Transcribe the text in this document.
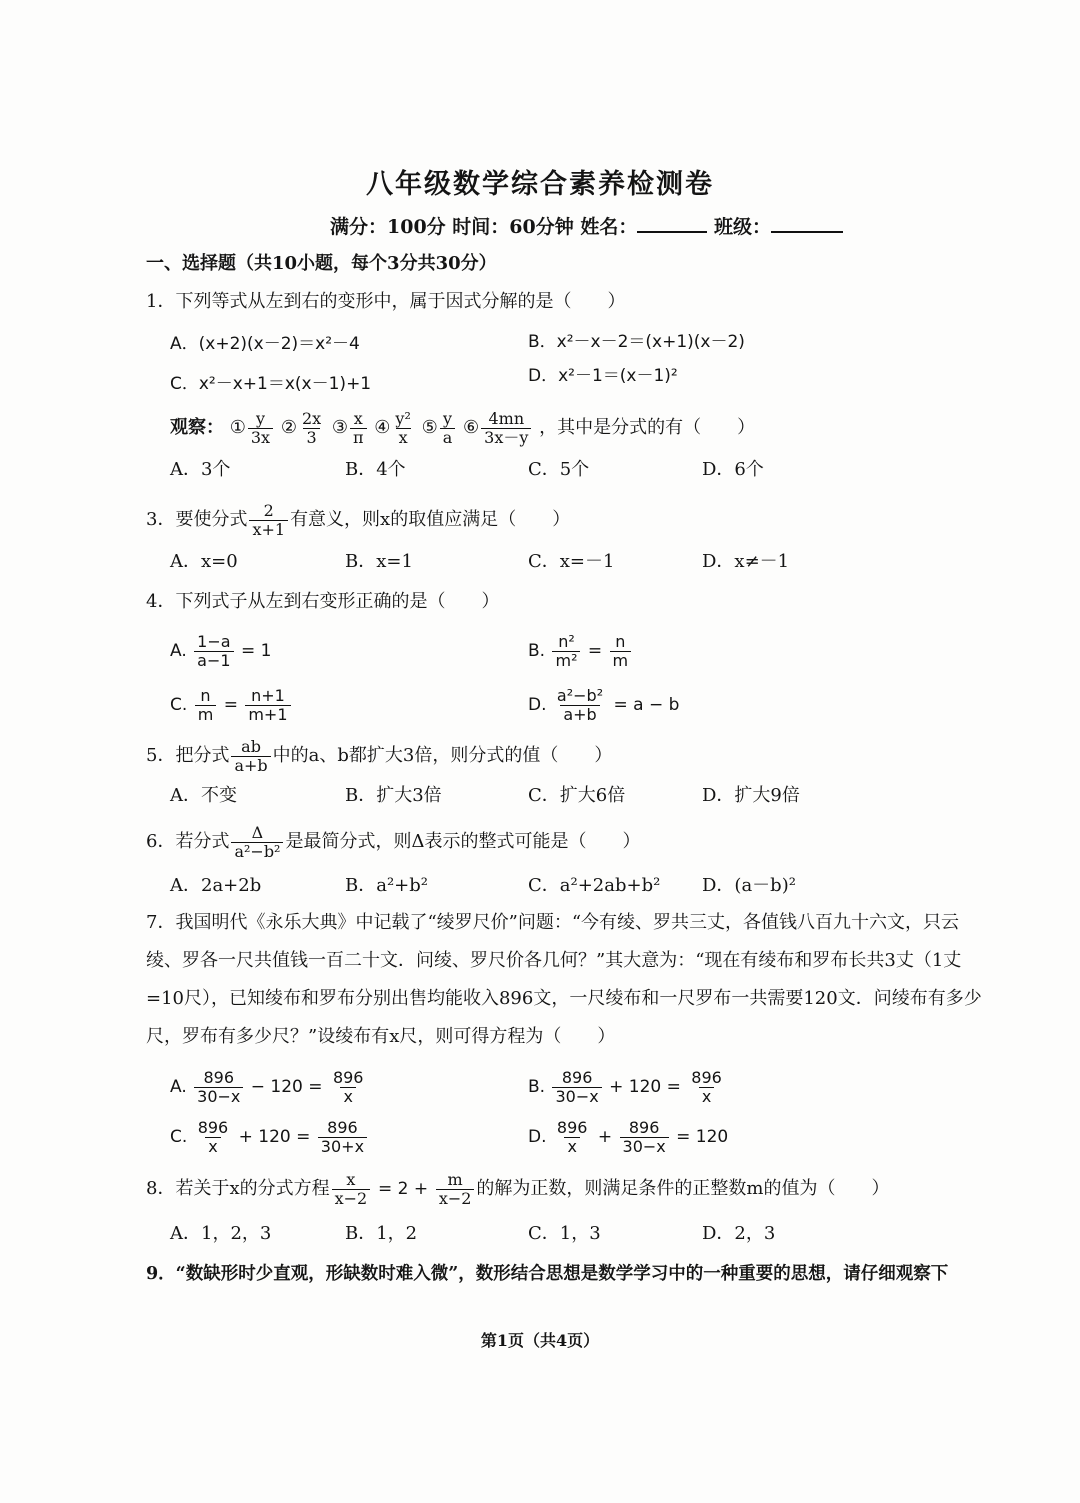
八年级数学综合素养检测卷
满分：100分 时间：60分钟 姓名：	班级：
一、选择题（共10小题，每个3分共30分）
1．下列等式从左到右的变形中，属于因式分解的是（　　）
A．(x+2)(x－2)＝x²－4	B．x²－x－2＝(x+1)(x－2)
C．x²－x+1＝x(x－1)+1	D．x²－1＝(x－1)²
观察： ① $\frac{y}{3x}$ ② $\frac{2x}{3}$ ③ $\frac{x}{\pi}$ ④ $\frac{\text{y²}}{x}$ ⑤ $\frac{y}{a}$ ⑥ $\frac{4mn}{3x-y}$ ，其中是分式的有（　　）
A．3个	B．4个	C．5个	D．6个
3．要使分式 $\frac{2}{x+1}$ 有意义，则x的取值应满足（　　）
A．x=0	B．x=1	C．x=－1	D．x≠－1
4．下列式子从左到右变形正确的是（　　）
A. $\frac{1-a}{a-1} = 1$	B. $\frac{\text{n²}}{\text{m²}} = \frac{n}{m}$
C. $\frac{n}{m} = \frac{n+1}{m+1}$	D. $\frac{\text{a²−b²}}{a+b} = a - b$
5．把分式 $\frac{ab}{a+b}$ 中的a、b都扩大3倍，则分式的值（　　）
A．不变	B．扩大3倍	C．扩大6倍	D．扩大9倍
6．若分式 $\frac{\Delta}{\text{a²−b²}}$ 是最简分式，则Δ表示的整式可能是（　　）
A．2a+2b	B．a²+b²	C．a²+2ab+b² D．(a－b)²
7．我国明代《永乐大典》中记载了“绫罗尺价”问题：“今有绫、罗共三丈，各值钱八百九十六文，只云绫、罗各一尺共值钱一百二十文．问绫、罗尺价各几何？”其大意为：“现在有绫布和罗布长共3丈（1丈=10尺），已知绫布和罗布分别出售均能收入896文，一尺绫布和一尺罗布一共需要120文．问绫布有多少尺，罗布有多少尺？”设绫布有x尺，则可得方程为（　　）
A. $\frac{896}{30-x} - 120 = \frac{896}{x}$	B. $\frac{896}{30-x} + 120 = \frac{896}{x}$
C. $\frac{896}{x} + 120 = \frac{896}{30+x}$	D. $\frac{896}{x} + \frac{896}{30-x} = 120$
8．若关于x的分式方程 $\frac{x}{x-2} = 2 + \frac{m}{x-2}$ 的解为正数，则满足条件的正整数m的值为（　　）
A．1，2，3	B．1，2	C．1，3	D．2，3
9．“数缺形时少直观，形缺数时难入微”，数形结合思想是数学学习中的一种重要的思想，请仔细观察下
第1页（共4页）
